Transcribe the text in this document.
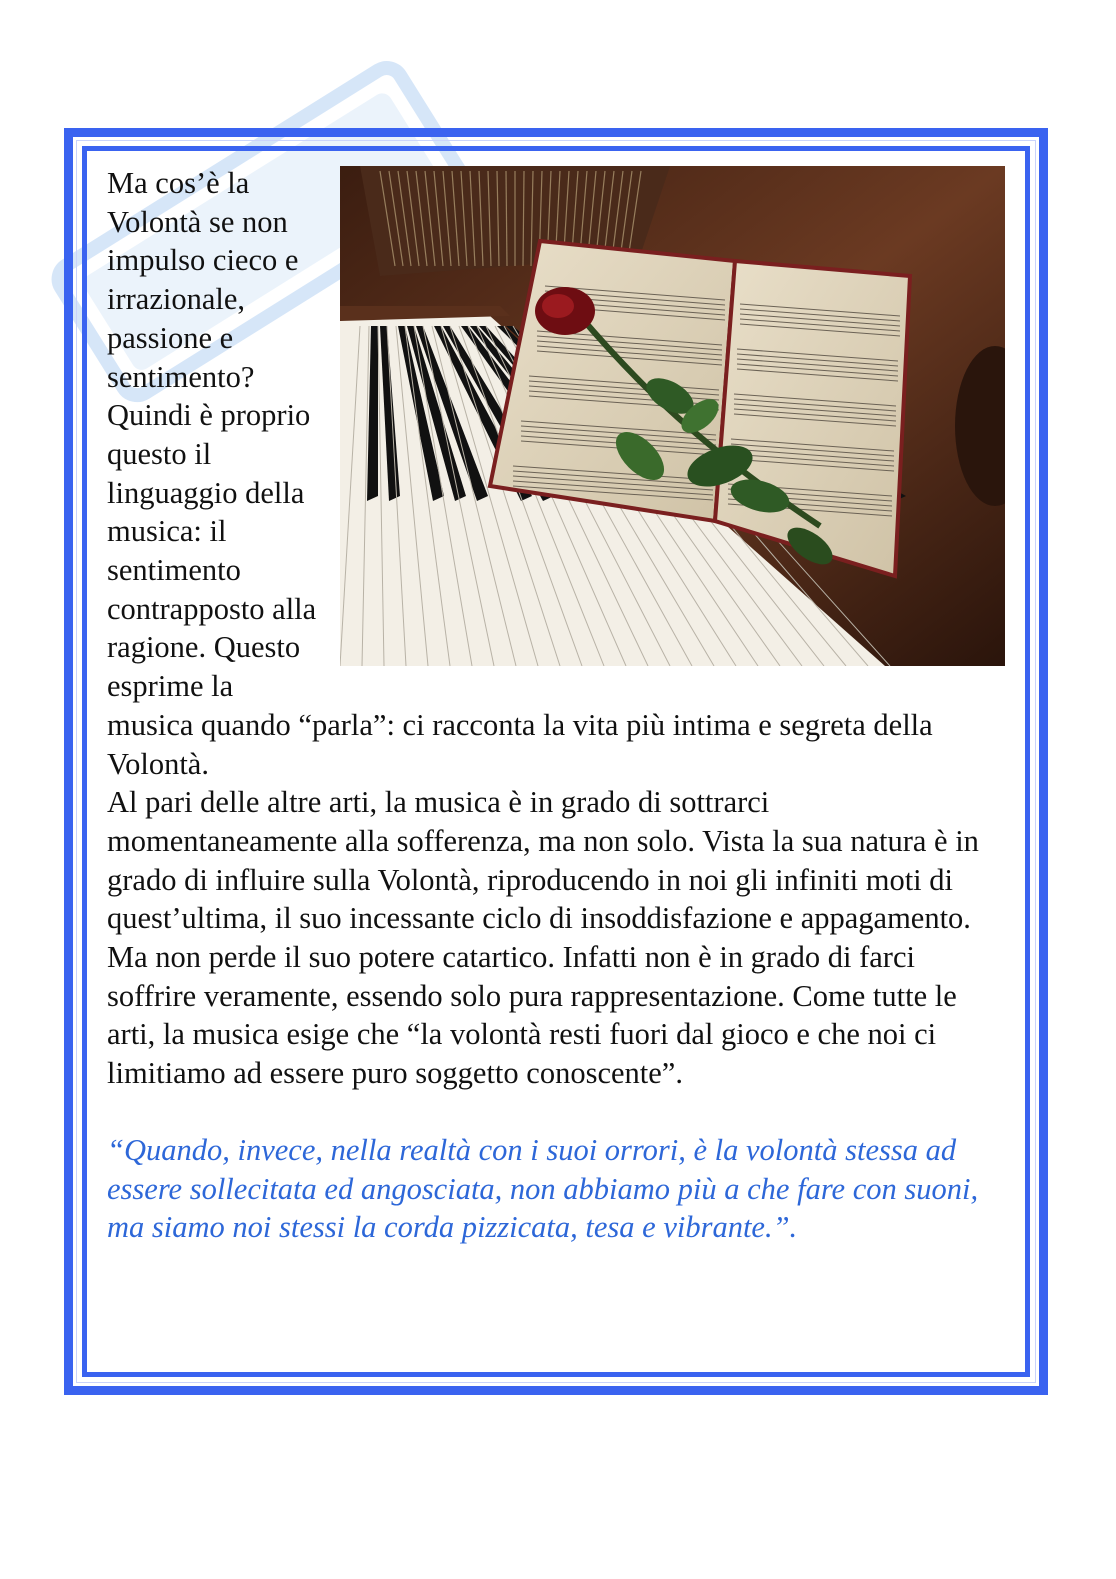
Ma cos’è la Volontà se non impulso cieco e irrazionale, passione e sentimento? Quindi è proprio questo il linguaggio della musica: il sentimento contrapposto alla ragione. Questo esprime la musica quando “parla”: ci racconta la vita più intima e segreta della Volontà.

Al pari delle altre arti, la musica è in grado di sottrarci momentaneamente alla sofferenza, ma non solo. Vista la sua natura è in grado di influire sulla Volontà, riproducendo in noi gli infiniti moti di quest’ultima, il suo incessante ciclo di insoddisfazione e appagamento. Ma non perde il suo potere catartico. Infatti non è in grado di farci soffrire veramente, essendo solo pura rappresentazione. Come tutte le arti, la musica esige che “la volontà resti fuori dal gioco e che noi ci limitiamo ad essere puro soggetto conoscente”.

“Quando, invece, nella realtà con i suoi orrori, è la volontà stessa ad essere sollecitata ed angosciata, non abbiamo più a che fare con suoni, ma siamo noi stessi la corda pizzicata, tesa e vibrante.”.
